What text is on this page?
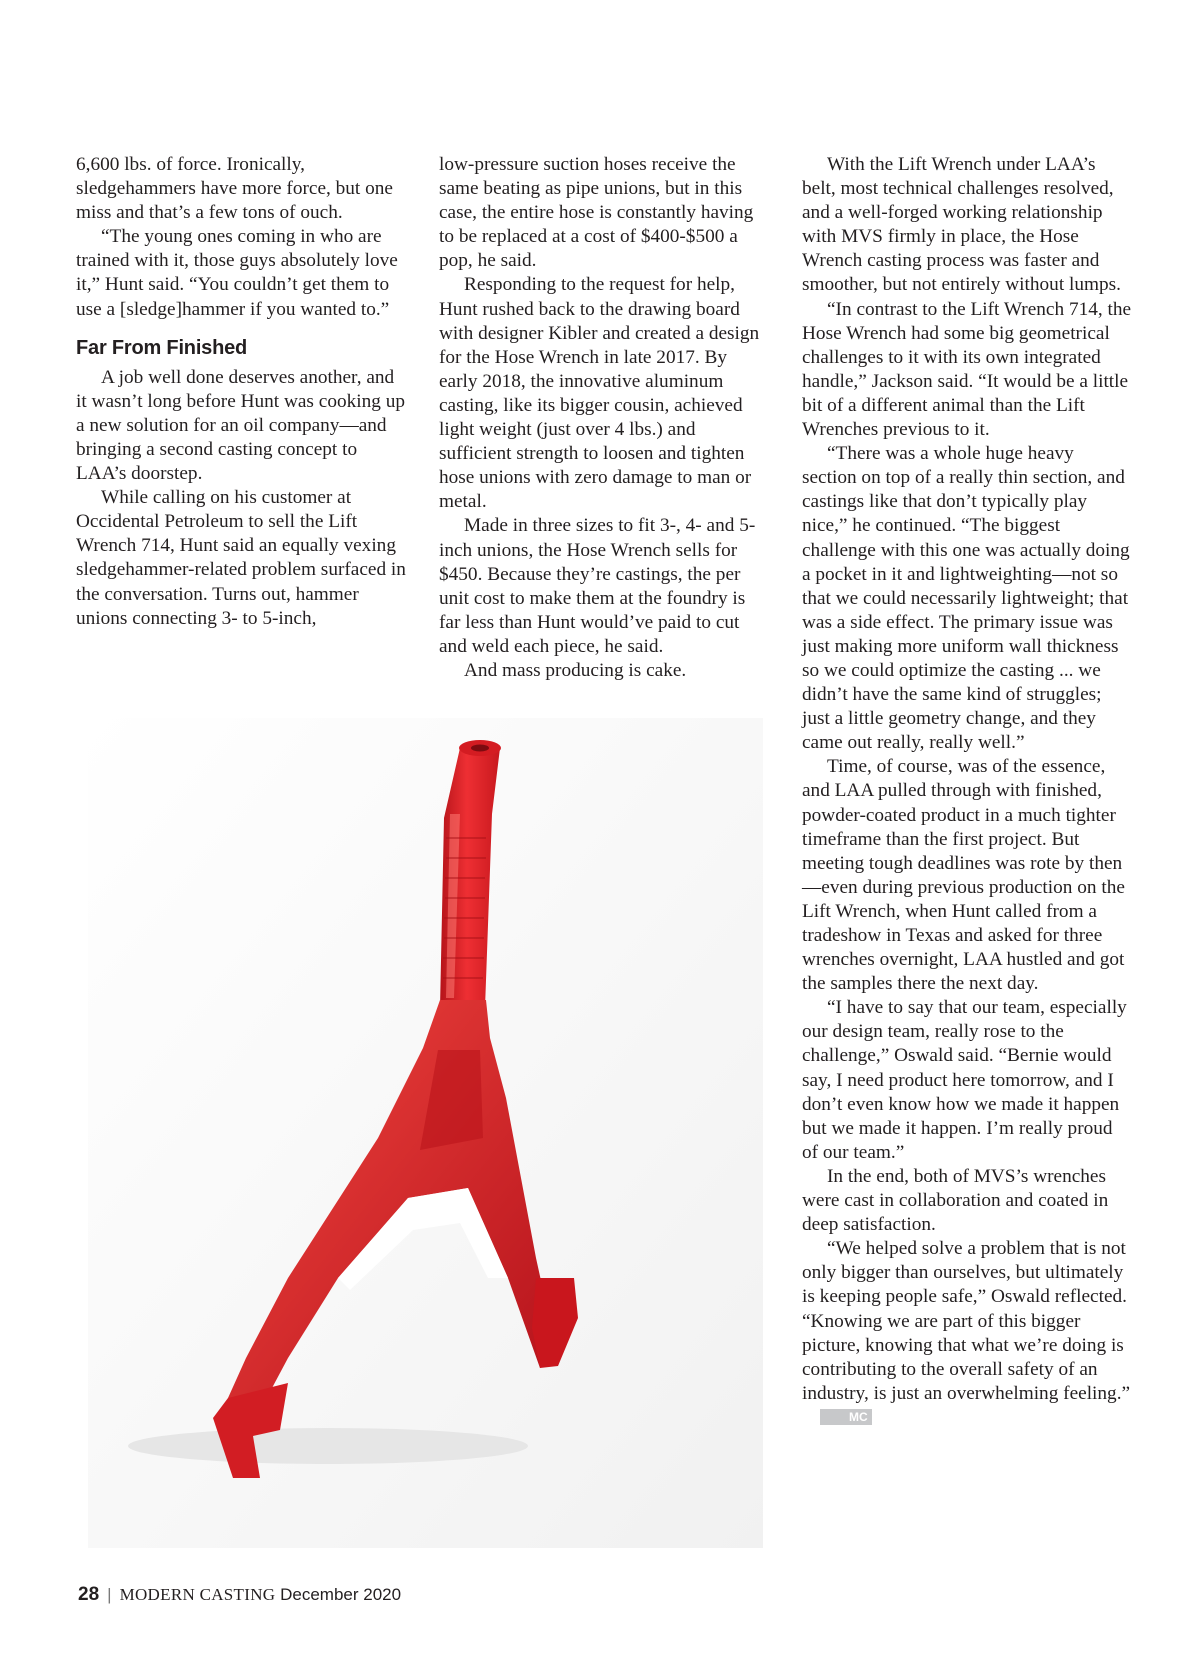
6,600 lbs. of force. Ironically, sledgehammers have more force, but one miss and that’s a few tons of ouch.

“The young ones coming in who are trained with it, those guys absolutely love it,” Hunt said. “You couldn’t get them to use a [sledge]hammer if you wanted to.”

Far From Finished

A job well done deserves another, and it wasn’t long before Hunt was cooking up a new solution for an oil company—and bringing a second casting concept to LAA’s doorstep.

While calling on his customer at Occidental Petroleum to sell the Lift Wrench 714, Hunt said an equally vexing sledgehammer-related problem surfaced in the conversation. Turns out, hammer unions connecting 3- to 5-inch,

low-pressure suction hoses receive the same beating as pipe unions, but in this case, the entire hose is constantly having to be replaced at a cost of $400-$500 a pop, he said.

Responding to the request for help, Hunt rushed back to the drawing board with designer Kibler and created a design for the Hose Wrench in late 2017. By early 2018, the innovative aluminum casting, like its bigger cousin, achieved light weight (just over 4 lbs.) and sufficient strength to loosen and tighten hose unions with zero damage to man or metal.

Made in three sizes to fit 3-, 4- and 5-inch unions, the Hose Wrench sells for $450. Because they’re castings, the per unit cost to make them at the foundry is far less than Hunt would’ve paid to cut and weld each piece, he said.

And mass producing is cake.

With the Lift Wrench under LAA’s belt, most technical challenges resolved, and a well-forged working relationship with MVS firmly in place, the Hose Wrench casting process was faster and smoother, but not entirely without lumps.

“In contrast to the Lift Wrench 714, the Hose Wrench had some big geometrical challenges to it with its own integrated handle,” Jackson said. “It would be a little bit of a different animal than the Lift Wrenches previous to it.

“There was a whole huge heavy section on top of a really thin section, and castings like that don’t typically play nice,” he continued. “The biggest challenge with this one was actually doing a pocket in it and lightweighting—not so that we could necessarily lightweight; that was a side effect. The primary issue was just making more uniform wall thickness so we could optimize the casting ... we didn’t have the same kind of struggles; just a little geometry change, and they came out really, really well.”

Time, of course, was of the essence, and LAA pulled through with finished, powder-coated product in a much tighter timeframe than the first project. But meeting tough deadlines was rote by then—even during previous production on the Lift Wrench, when Hunt called from a tradeshow in Texas and asked for three wrenches overnight, LAA hustled and got the samples there the next day.

“I have to say that our team, especially our design team, really rose to the challenge,” Oswald said. “Bernie would say, I need product here tomorrow, and I don’t even know how we made it happen but we made it happen. I’m really proud of our team.”

In the end, both of MVS’s wrenches were cast in collaboration and coated in deep satisfaction.

“We helped solve a problem that is not only bigger than ourselves, but ultimately is keeping people safe,” Oswald reflected. “Knowing we are part of this bigger picture, knowing that what we’re doing is contributing to the overall safety of an industry, is just an overwhelming feeling.”MC

28 | MODERN CASTING December 2020
